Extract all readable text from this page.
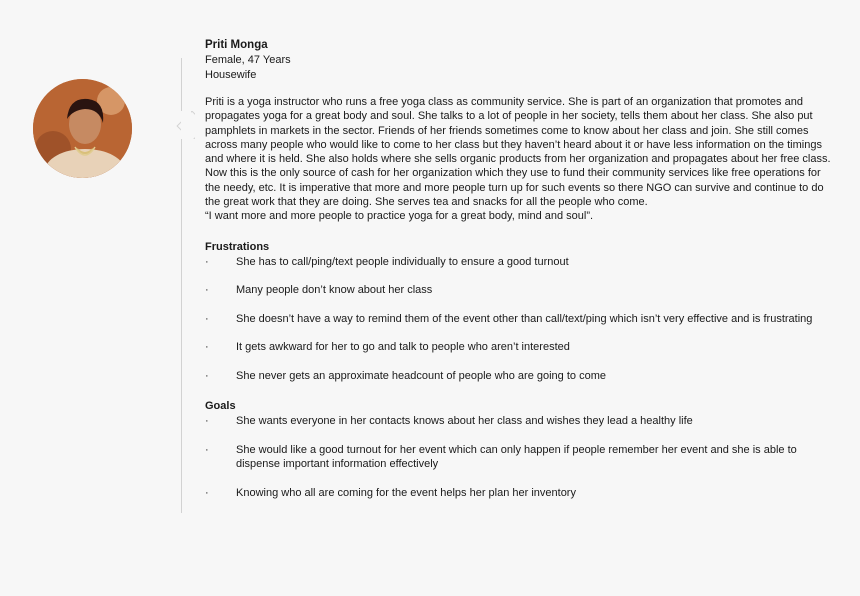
Priti Monga

Female, 47 Years

Housewife

Priti is a yoga instructor who runs a free yoga class as community service. She is part of an organization that promotes and propagates yoga for a great body and soul. She talks to a lot of people in her society, tells them about her class. She also put pamphlets in markets in the sector. Friends of her friends sometimes come to know about her class and join. She still comes across many people who would like to come to her class but they haven’t heard about it or have less information on the timings and where it is held. She also holds where she sells organic products from her organization and propagates about her free class. Now this is the only source of cash for her organization which they use to fund their community services like free operations for the needy, etc. It is imperative that more and more people turn up for such events so there NGO can survive and continue to do the great work that they are doing. She serves tea and snacks for all the people who come.
“I want more and more people to practice yoga for a great body, mind and soul”.

Frustrations

· She has to call/ping/text people individually to ensure a good turnout
· Many people don’t know about her class
· She doesn’t have a way to remind them of the event other than call/text/ping which isn’t very effective and is frustrating
· It gets awkward for her to go and talk to people who aren’t interested
· She never gets an approximate headcount of people who are going to come

Goals

· She wants everyone in her contacts knows about her class and wishes they lead a healthy life
· She would like a good turnout for her event which can only happen if people remember her event and she is able to dispense important information effectively
· Knowing who all are coming for the event helps her plan her inventory
